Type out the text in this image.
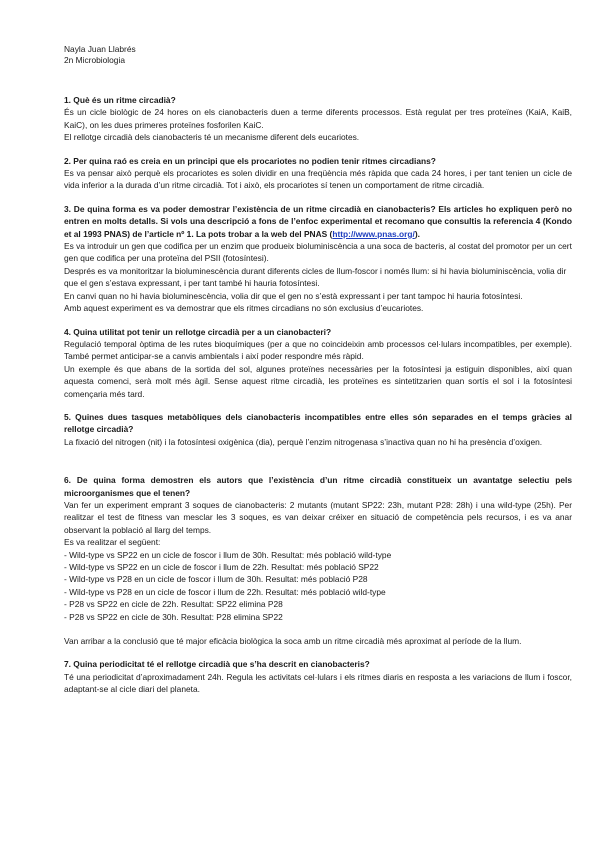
Nayla Juan Llabrés

2n Microbiologia

1. Què és un ritme circadià?

És un cicle biològic de 24 hores on els cianobacteris duen a terme diferents processos. Està regulat per tres proteïnes (KaiA, KaiB, KaiC), on les dues primeres proteïnes fosforilen KaiC.

El rellotge circadià dels cianobacteris té un mecanisme diferent dels eucariotes.

2. Per quina raó es creia en un principi que els procariotes no podien tenir ritmes circadians?

Es va pensar això perquè els procariotes es solen dividir en una freqüència més ràpida que cada 24 hores, i per tant tenien un cicle de vida inferior a la durada d’un ritme circadià. Tot i això, els procariotes sí tenen un comportament de ritme circadià.

3. De quina forma es va poder demostrar l’existència de un ritme circadià en cianobacteris? Els articles ho expliquen però no entren en molts detalls. Si vols una descripció a fons de l’enfoc experimental et recomano que consultis la referencia 4 (Kondo et al 1993 PNAS) de l’article nº 1. La pots trobar a la web del PNAS (http://www.pnas.org/).

Es va introduir un gen que codifica per un enzim que produeix bioluminiscència a una soca de bacteris, al costat del promotor per un cert gen que codifica per una proteïna del PSII (fotosíntesi).

Després es va monitoritzar la bioluminescència durant diferents cicles de llum-foscor i només llum: si hi havia bioluminiscència, volia dir que el gen s’estava expressant, i per tant també hi hauria fotosíntesi.

En canvi quan no hi havia bioluminescència, volia dir que el gen no s’està expressant i per tant tampoc hi hauria fotosíntesi.

Amb aquest experiment es va demostrar que els ritmes circadians no són exclusius d’eucariotes.

4. Quina utilitat pot tenir un rellotge circadià per a un cianobacteri?

Regulació temporal òptima de les rutes bioquímiques (per a que no coincideixin amb processos cel·lulars incompatibles, per exemple). També permet anticipar-se a canvis ambientals i així poder respondre més ràpid.

Un exemple és que abans de la sortida del sol, algunes proteïnes necessàries per la fotosíntesi ja estiguin disponibles, així quan aquesta comenci, serà molt més àgil. Sense aquest ritme circadià, les proteïnes es sintetitzarien quan sortís el sol i la fotosíntesi començaria més tard.

5. Quines dues tasques metabòliques dels cianobacteris incompatibles entre elles són separades en el temps gràcies al rellotge circadià?

La fixació del nitrogen (nit) i la fotosíntesi oxigènica (dia), perquè l’enzim nitrogenasa s’inactiva quan no hi ha presència d’oxigen.

6. De quina forma demostren els autors que l’existència d’un ritme circadià constitueix un avantatge selectiu pels microorganismes que el tenen?

Van fer un experiment emprant 3 soques de cianobacteris: 2 mutants (mutant SP22: 23h, mutant P28: 28h) i una wild-type (25h). Per realitzar el test de fitness van mesclar les 3 soques, es van deixar créixer en situació de competència pels recursos, i es va anar observant la població al llarg del temps.

Es va realitzar el següent:

- Wild-type vs SP22 en un cicle de foscor i llum de 30h. Resultat: més població wild-type
- Wild-type vs SP22 en un cicle de foscor i llum de 22h. Resultat: més població SP22
- Wild-type vs P28 en un cicle de foscor i llum de 30h. Resultat: més població P28
- Wild-type vs P28 en un cicle de foscor i llum de 22h. Resultat: més població wild-type
- P28 vs SP22 en cicle de 22h. Resultat: SP22 elimina P28
- P28 vs SP22 en cicle de 30h. Resultat: P28 elimina SP22

Van arribar a la conclusió que té major eficàcia biològica la soca amb un ritme circadià més aproximat al període de la llum.

7. Quina periodicitat té el rellotge circadià que s’ha descrit en cianobacteris?

Té una periodicitat d’aproximadament 24h. Regula les activitats cel·lulars i els ritmes diaris en resposta a les variacions de llum i foscor, adaptant-se al cicle diari del planeta.
